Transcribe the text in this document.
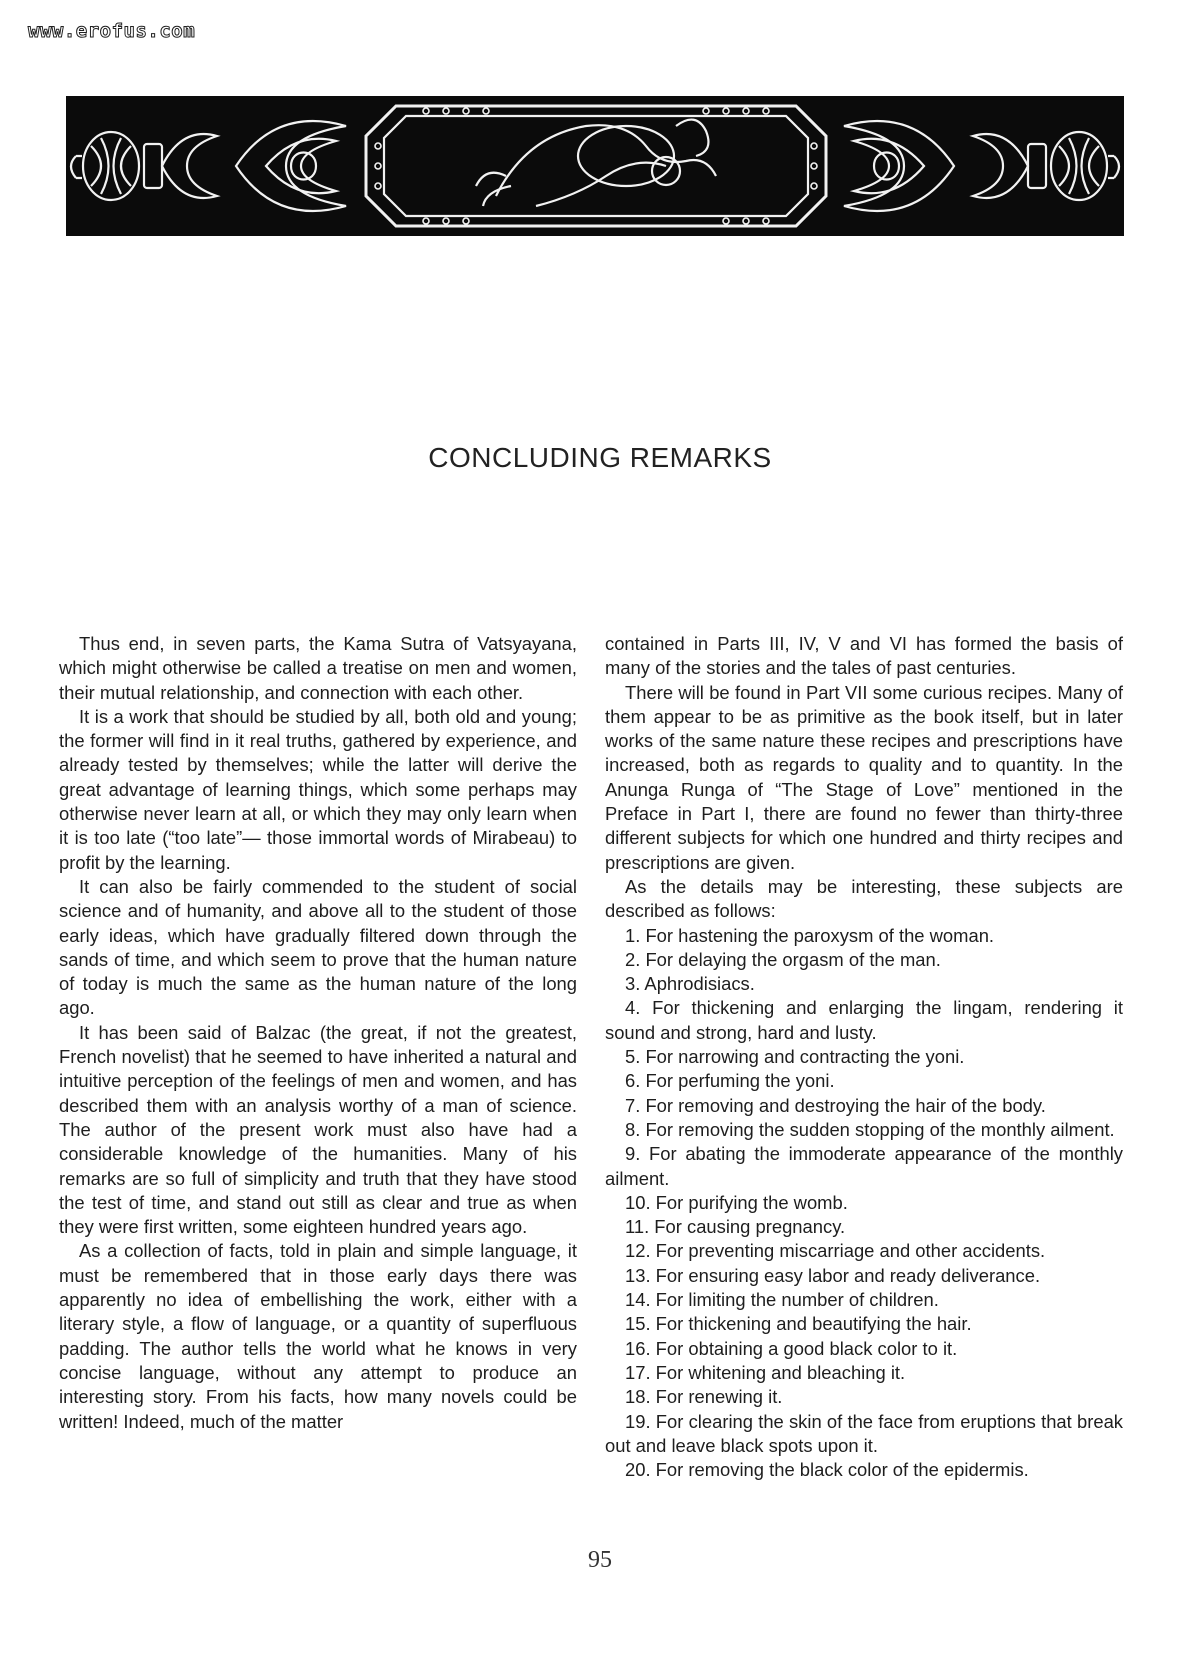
www.erofus.com
CONCLUDING REMARKS

Thus end, in seven parts, the Kama Sutra of Vatsyayana, which might otherwise be called a treatise on men and women, their mutual relationship, and connection with each other.

It is a work that should be studied by all, both old and young; the former will find in it real truths, gathered by experience, and already tested by themselves; while the latter will derive the great advantage of learning things, which some perhaps may otherwise never learn at all, or which they may only learn when it is too late (“too late”— those immortal words of Mirabeau) to profit by the learning.

It can also be fairly commended to the student of social science and of humanity, and above all to the student of those early ideas, which have gradually filtered down through the sands of time, and which seem to prove that the human nature of today is much the same as the human nature of the long ago.

It has been said of Balzac (the great, if not the greatest, French novelist) that he seemed to have inherited a natural and intuitive perception of the feelings of men and women, and has described them with an analysis worthy of a man of science. The author of the present work must also have had a considerable knowledge of the humanities. Many of his remarks are so full of simplicity and truth that they have stood the test of time, and stand out still as clear and true as when they were first written, some eighteen hundred years ago.

As a collection of facts, told in plain and simple language, it must be remembered that in those early days there was apparently no idea of embellishing the work, either with a literary style, a flow of language, or a quantity of superfluous padding. The author tells the world what he knows in very concise language, without any attempt to produce an interesting story. From his facts, how many novels could be written! Indeed, much of the matter

contained in Parts III, IV, V and VI has formed the basis of many of the stories and the tales of past centuries.

There will be found in Part VII some curious recipes. Many of them appear to be as primitive as the book itself, but in later works of the same nature these recipes and prescriptions have increased, both as regards to quality and to quantity. In the Anunga Runga of “The Stage of Love” mentioned in the Preface in Part I, there are found no fewer than thirty-three different subjects for which one hundred and thirty recipes and prescriptions are given.

As the details may be interesting, these subjects are described as follows:

1. For hastening the paroxysm of the woman.
2. For delaying the orgasm of the man.
3. Aphrodisiacs.
4. For thickening and enlarging the lingam, rendering it sound and strong, hard and lusty.
5. For narrowing and contracting the yoni.
6. For perfuming the yoni.
7. For removing and destroying the hair of the body.
8. For removing the sudden stopping of the monthly ailment.
9. For abating the immoderate appearance of the monthly ailment.
10. For purifying the womb.
11. For causing pregnancy.
12. For preventing miscarriage and other accidents.
13. For ensuring easy labor and ready deliverance.
14. For limiting the number of children.
15. For thickening and beautifying the hair.
16. For obtaining a good black color to it.
17. For whitening and bleaching it.
18. For renewing it.
19. For clearing the skin of the face from eruptions that break out and leave black spots upon it.
20. For removing the black color of the epidermis.
95
